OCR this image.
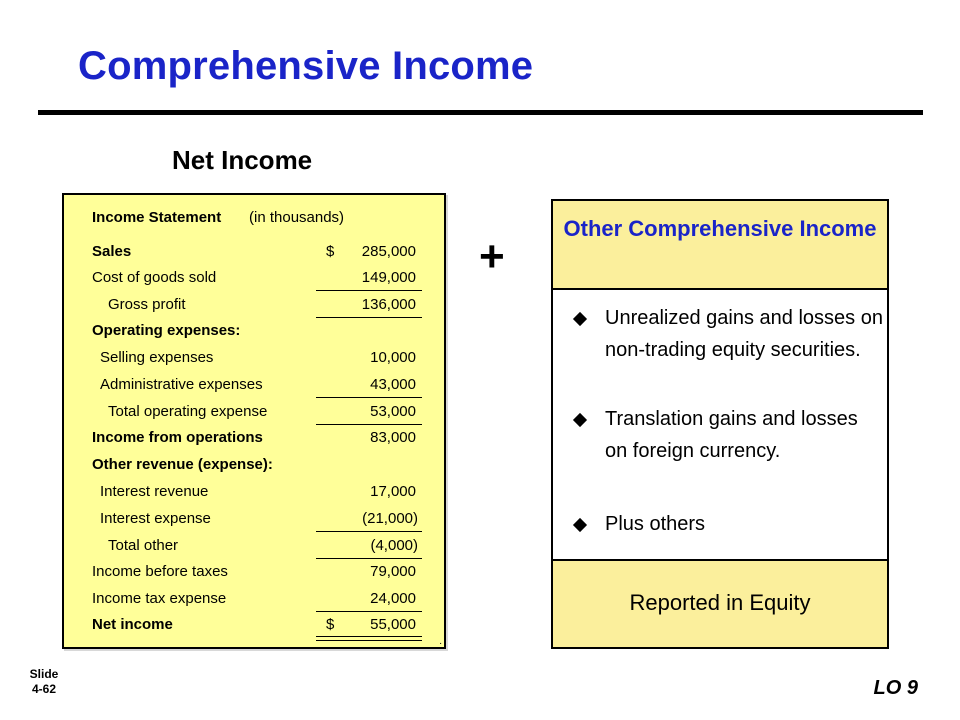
Comprehensive Income
Net Income
Income Statement (in thousands)
Sales	$ 285,000
Cost of goods sold	149,000
Gross profit	136,000
Operating expenses:
Selling expenses	10,000
Administrative expenses	43,000
Total operating expense	53,000
Income from operations	83,000
Other revenue (expense):
Interest revenue	17,000
Interest expense	(21,000)
Total other	(4,000)
Income before taxes	79,000
Income tax expense	24,000
Net income	$ 55,000
.
+
Other Comprehensive Income
Unrealized gains and losses on non-trading equity securities.
Translation gains and losses on foreign currency.
Plus others
Reported in Equity
Slide
4-62	LO 9
